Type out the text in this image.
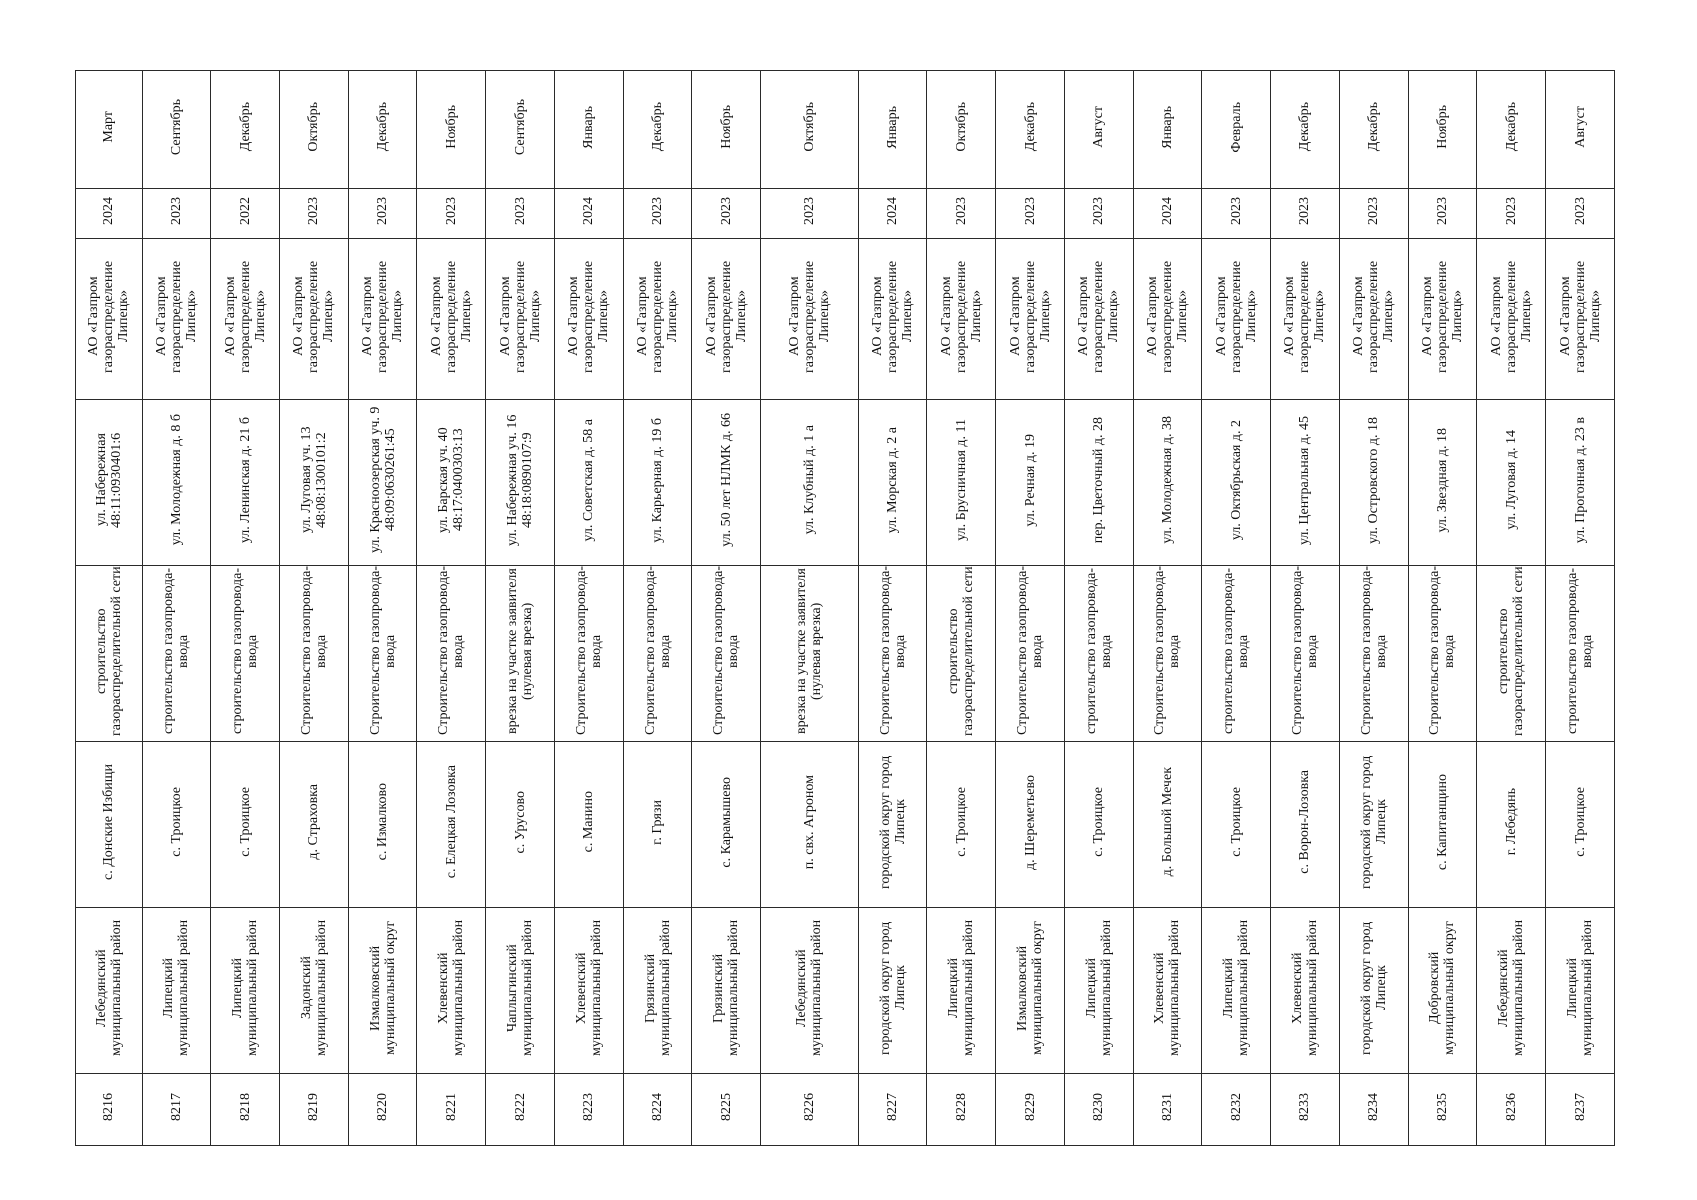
Март	Сентябрь	Декабрь	Октябрь	Декабрь	Ноябрь	Сентябрь	Январь	Декабрь	Ноябрь	Октябрь	Январь	Октябрь	Декабрь	Август	Январь	Февраль	Декабрь	Декабрь	Ноябрь	Декабрь	Август
2024	2023	2022	2023	2023	2023	2023	2024	2023	2023	2023	2024	2023	2023	2023	2024	2023	2023	2023	2023	2023	2023
АО «Газпром газораспределение Липецк»	АО «Газпром газораспределение Липецк»	АО «Газпром газораспределение Липецк»	АО «Газпром газораспределение Липецк»	АО «Газпром газораспределение Липецк»	АО «Газпром газораспределение Липецк»	АО «Газпром газораспределение Липецк»	АО «Газпром газораспределение Липецк»	АО «Газпром газораспределение Липецк»	АО «Газпром газораспределение Липецк»	АО «Газпром газораспределение Липецк»	АО «Газпром газораспределение Липецк»	АО «Газпром газораспределение Липецк»	АО «Газпром газораспределение Липецк»	АО «Газпром газораспределение Липецк»	АО «Газпром газораспределение Липецк»	АО «Газпром газораспределение Липецк»	АО «Газпром газораспределение Липецк»	АО «Газпром газораспределение Липецк»	АО «Газпром газораспределение Липецк»	АО «Газпром газораспределение Липецк»	АО «Газпром газораспределение Липецк»
ул. Набережная 48:11:0930401:6	ул. Молодежная д. 8 б	ул. Ленинская д. 21 б	ул. Луговая уч. 13 48:08:1300101:2	ул. Красноозерская уч. 9 48:09:0630261:45	ул. Барская уч. 40 48:17:0400303:13	ул. Набережная уч. 16 48:18:0890107:9	ул. Советская д. 58 а	ул. Карьерная д. 19 б	ул. 50 лет НЛМК д. 66	ул. Клубный д. 1 а	ул. Морская д. 2 а	ул. Брусничная д. 11	ул. Речная д. 19	пер. Цветочный д. 28	ул. Молодежная д. 38	ул. Октябрьская д. 2	ул. Центральная д. 45	ул. Островского д. 18	ул. Звездная д. 18	ул. Луговая д. 14	ул. Прогонная д. 23 в
строительство газораспределительной сети	строительство газопровода-ввода	строительство газопровода-ввода	Строительство газопровода-ввода	Строительство газопровода-ввода	Строительство газопровода-ввода	врезка на участке заявителя (нулевая врезка)	Строительство газопровода-ввода	Строительство газопровода-ввода	Строительство газопровода-ввода	врезка на участке заявителя (нулевая врезка)	Строительство газопровода-ввода	строительство газораспределительной сети	Строительство газопровода-ввода	строительство газопровода-ввода	Строительство газопровода-ввода	строительство газопровода-ввода	Строительство газопровода-ввода	Строительство газопровода-ввода	Строительство газопровода-ввода	строительство газораспределительной сети	строительство газопровода-ввода
с. Донские Избищи	с. Троицкое	с. Троицкое	д. Страховка	с. Измалково	с. Елецкая Лозовка	с. Урусово	с. Манино	г. Грязи	с. Карамышево	п. свх. Агроном	городской округ город Липецк	с. Троицкое	д. Шереметьево	с. Троицкое	д. Большой Мечек	с. Троицкое	с. Ворон-Лозовка	городской округ город Липецк	с. Капитанщино	г. Лебедянь	с. Троицкое
Лебедянский муниципальный район	Липецкий муниципальный район	Липецкий муниципальный район	Задонский муниципальный район	Измалковский муниципальный округ	Хлевенский муниципальный район	Чаплыгинский муниципальный район	Хлевенский муниципальный район	Грязинский муниципальный район	Грязинский муниципальный район	Лебедянский муниципальный район	городской округ город Липецк	Липецкий муниципальный район	Измалковский муниципальный округ	Липецкий муниципальный район	Хлевенский муниципальный район	Липецкий муниципальный район	Хлевенский муниципальный район	городской округ город Липецк	Добровский муниципальный округ	Лебедянский муниципальный район	Липецкий муниципальный район
8216	8217	8218	8219	8220	8221	8222	8223	8224	8225	8226	8227	8228	8229	8230	8231	8232	8233	8234	8235	8236	8237
